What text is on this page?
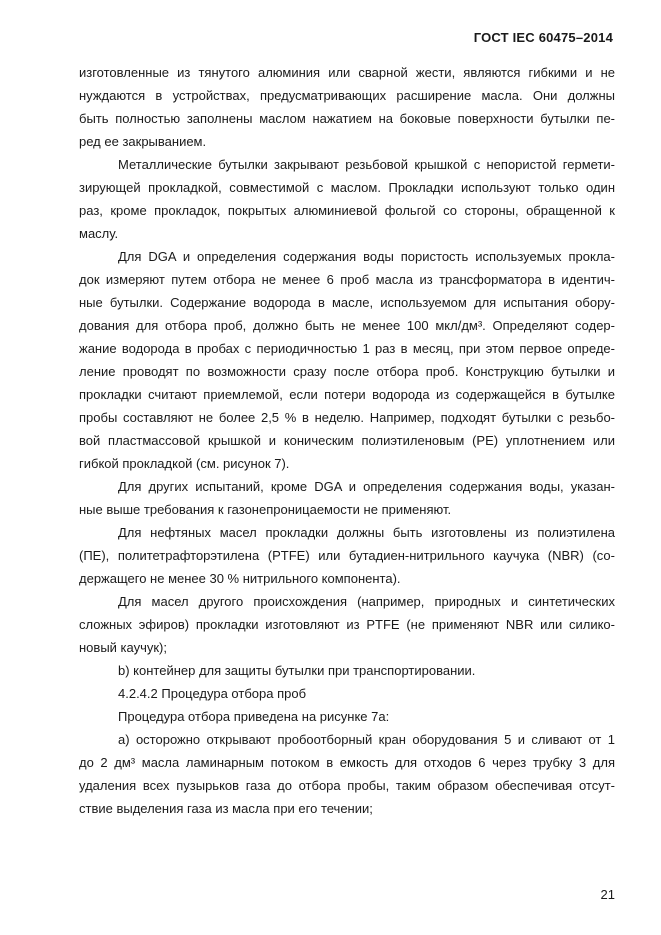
ГОСТ IEC 60475–2014
изготовленные из тянутого алюминия или сварной жести, являются гибкими и не
нуждаются в устройствах, предусматривающих расширение масла. Они должны
быть полностью заполнены маслом нажатием на боковые поверхности бутылки пе-
ред ее закрыванием.
Металлические бутылки закрывают резьбовой крышкой с непористой гермети-
зирующей прокладкой, совместимой с маслом. Прокладки используют только один
раз, кроме прокладок, покрытых алюминиевой фольгой со стороны, обращенной к
маслу.
Для DGA и определения содержания воды пористость используемых прокла-
док измеряют путем отбора не менее 6 проб масла из трансформатора в идентич-
ные бутылки. Содержание водорода в масле, используемом для испытания обору-
дования для отбора проб, должно быть не менее 100 мкл/дм³. Определяют содер-
жание водорода в пробах с периодичностью 1 раз в месяц, при этом первое опреде-
ление проводят по возможности сразу после отбора проб. Конструкцию бутылки и
прокладки считают приемлемой, если потери водорода из содержащейся в бутылке
пробы составляют не более 2,5 % в неделю. Например, подходят бутылки с резьбо-
вой пластмассовой крышкой и коническим полиэтиленовым (PE) уплотнением или
гибкой прокладкой (см. рисунок 7).
Для других испытаний, кроме DGA и определения содержания воды, указан-
ные выше требования к газонепроницаемости не применяют.
Для нефтяных масел прокладки должны быть изготовлены из полиэтилена
(ПЕ), политетрафторэтилена (PTFE) или бутадиен-нитрильного каучука (NBR) (со-
держащего не менее 30 % нитрильного компонента).
Для масел другого происхождения (например, природных и синтетических
сложных эфиров) прокладки изготовляют из PTFE (не применяют NBR или силико-
новый каучук);
b) контейнер для защиты бутылки при транспортировании.
4.2.4.2 Процедура отбора проб
Процедура отбора приведена на рисунке 7а:
а) осторожно открывают пробоотборный кран оборудования 5 и сливают от 1
до 2 дм³ масла ламинарным потоком в емкость для отходов 6 через трубку 3 для
удаления всех пузырьков газа до отбора пробы, таким образом обеспечивая отсут-
ствие выделения газа из масла при его течении;
21
